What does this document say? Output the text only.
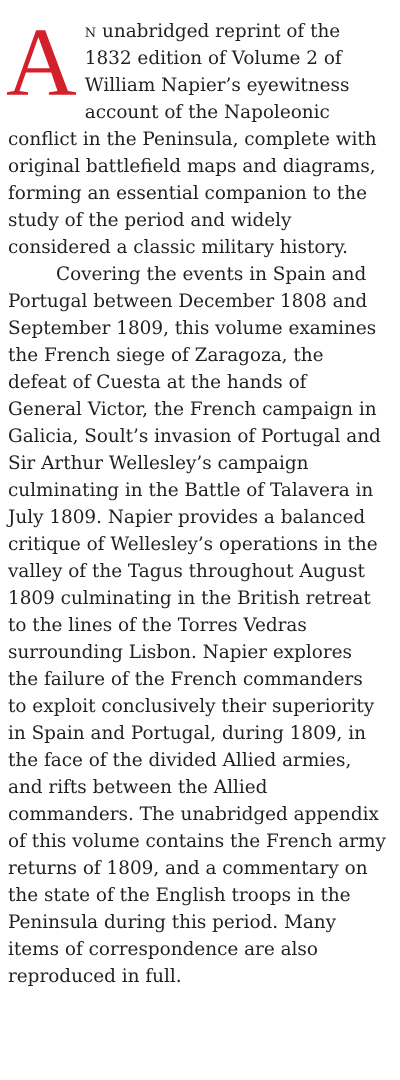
A n unabridged reprint of the 1832 edition of Volume 2 of William Napier’s eyewitness account of the Napoleonic conflict in the Peninsula, complete with original battlefield maps and diagrams, forming an essential companion to the study of the period and widely considered a classic military history.

Covering the events in Spain and Portugal between December 1808 and September 1809, this volume examines the French siege of Zaragoza, the defeat of Cuesta at the hands of General Victor, the French campaign in Galicia, Soult’s invasion of Portugal and Sir Arthur Wellesley’s campaign culminating in the Battle of Talavera in July 1809. Napier provides a balanced critique of Wellesley’s operations in the valley of the Tagus throughout August 1809 culminating in the British retreat to the lines of the Torres Vedras surrounding Lisbon. Napier explores the failure of the French commanders to exploit conclusively their superiority in Spain and Portugal, during 1809, in the face of the divided Allied armies, and rifts between the Allied commanders. The unabridged appendix of this volume contains the French army returns of 1809, and a commentary on the state of the English troops in the Peninsula during this period. Many items of correspondence are also reproduced in full.
